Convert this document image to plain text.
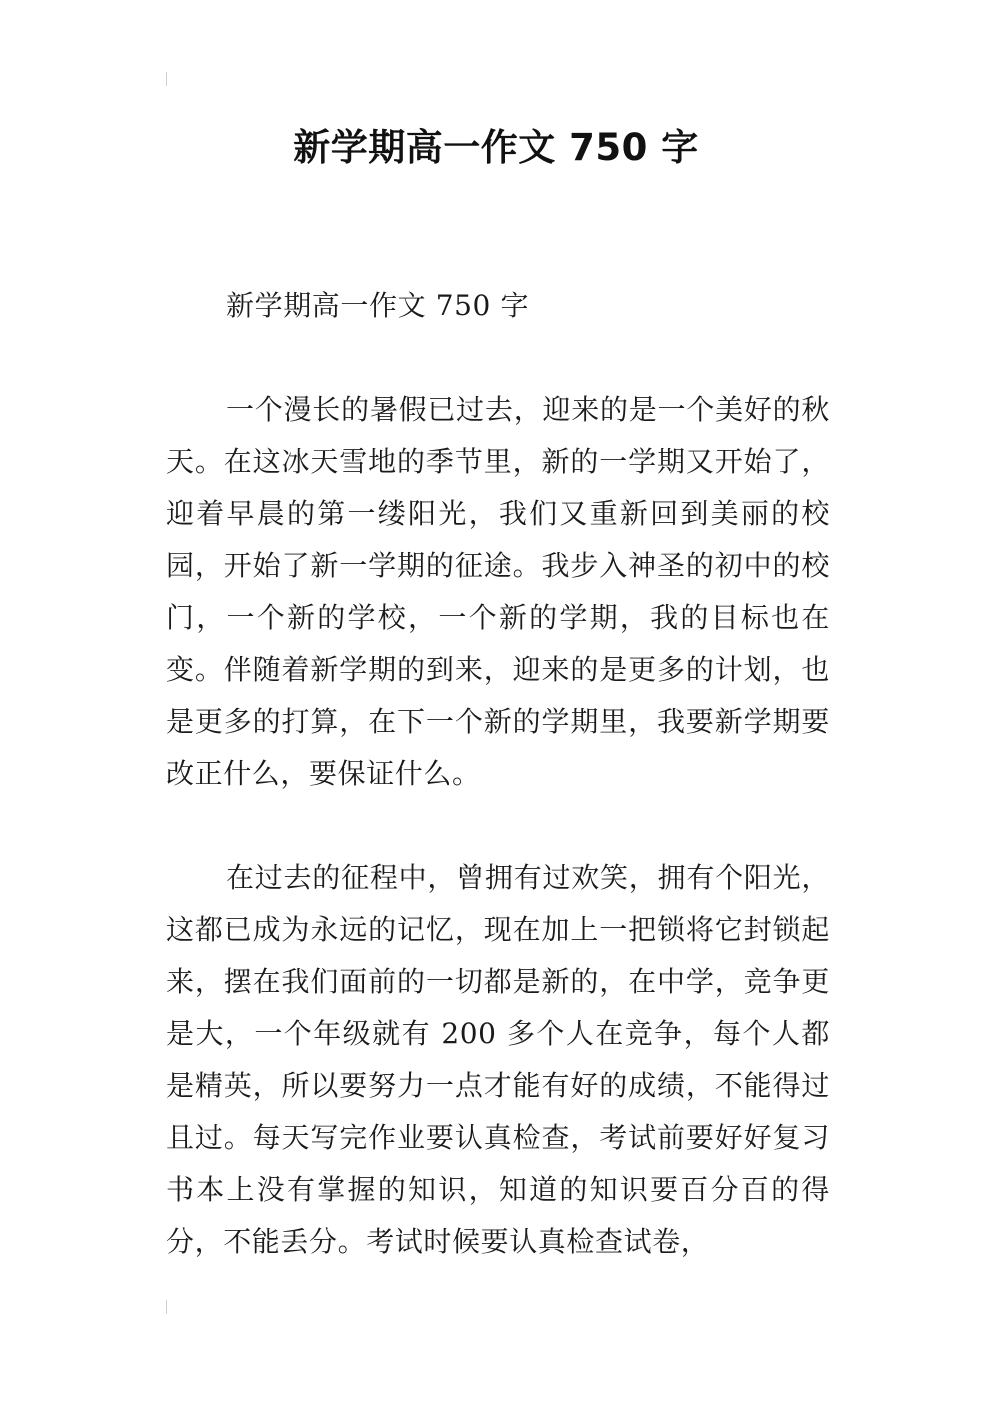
新学期高一作文 750 字

新学期高一作文 750 字

一个漫长的暑假已过去，迎来的是一个美好的秋天。在这冰天雪地的季节里，新的一学期又开始了，迎着早晨的第一缕阳光，我们又重新回到美丽的校园，开始了新一学期的征途。我步入神圣的初中的校门，一个新的学校，一个新的学期，我的目标也在变。伴随着新学期的到来，迎来的是更多的计划，也是更多的打算，在下一个新的学期里，我要新学期要改正什么，要保证什么。

在过去的征程中，曾拥有过欢笑，拥有个阳光，这都已成为永远的记忆，现在加上一把锁将它封锁起来，摆在我们面前的一切都是新的，在中学，竞争更是大，一个年级就有 200 多个人在竞争，每个人都是精英，所以要努力一点才能有好的成绩，不能得过且过。每天写完作业要认真检查，考试前要好好复习书本上没有掌握的知识，知道的知识要百分百的得分，不能丢分。考试时候要认真检查试卷，
